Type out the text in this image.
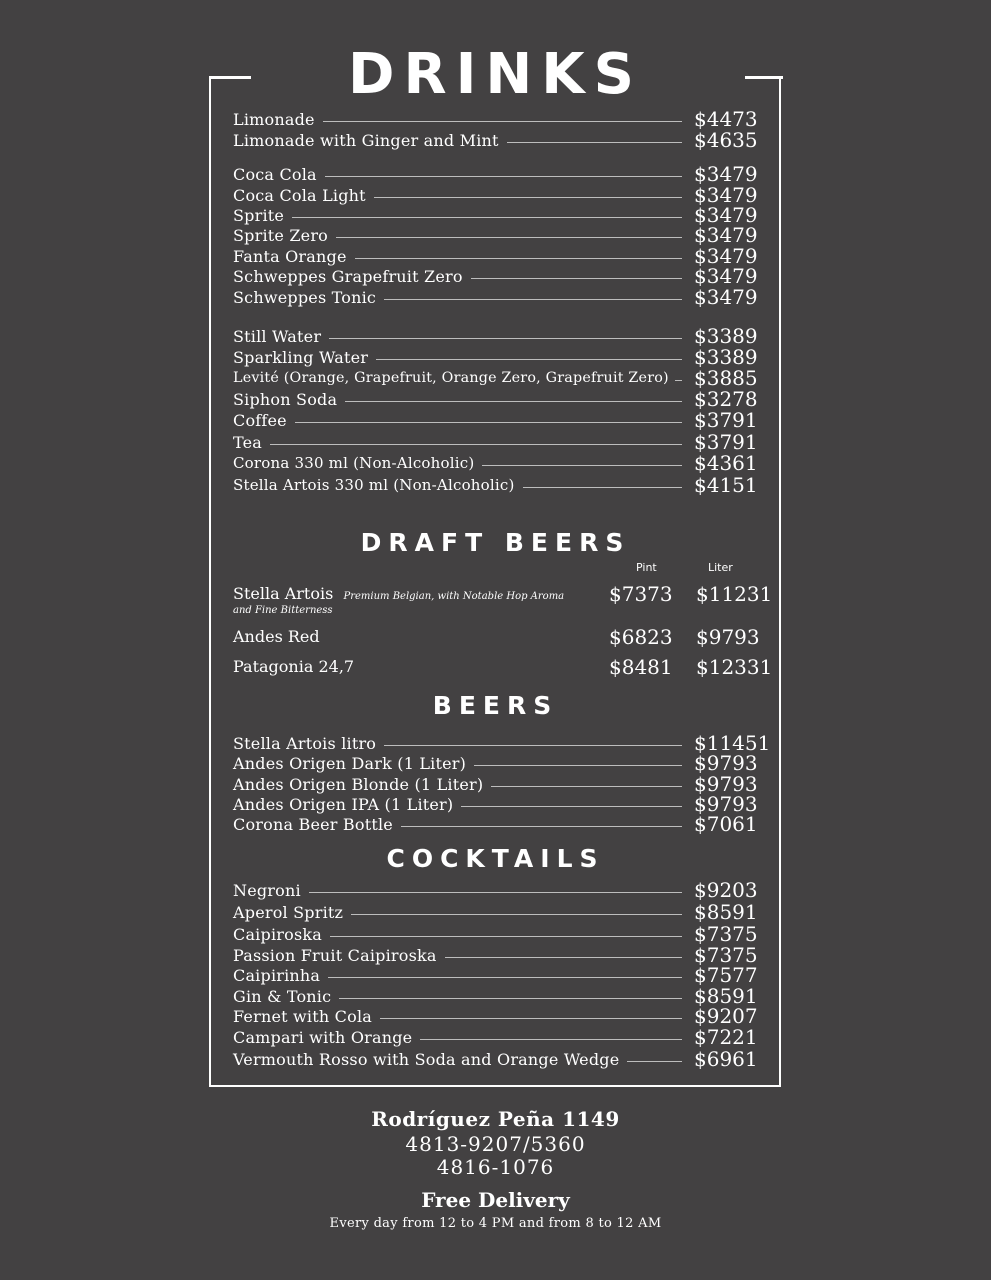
DRINKS
Limonade	$4473
Limonade with Ginger and Mint	$4635
Coca Cola	$3479
Coca Cola Light	$3479
Sprite	$3479
Sprite Zero	$3479
Fanta Orange	$3479
Schweppes Grapefruit Zero	$3479
Schweppes Tonic	$3479
Still Water	$3389
Sparkling Water	$3389
Levité (Orange, Grapefruit, Orange Zero, Grapefruit Zero) $3885
Siphon Soda	$3278
Coffee	$3791
Tea	$3791
Corona 330 ml (Non-Alcoholic)	$4361
Stella Artois 330 ml (Non-Alcoholic)	$4151
DRAFT BEERS
Pint	Liter
Stella Artois Premium Belgian, with Notable Hop Aroma $7373 $11231
and Fine Bitterness
Andes Red	$6823 $9793
Patagonia 24,7	$8481 $12331
BEERS
Stella Artois litro	$11451
Andes Origen Dark (1 Liter)	$9793
Andes Origen Blonde (1 Liter)	$9793
Andes Origen IPA (1 Liter)	$9793
Corona Beer Bottle	$7061
COCKTAILS
Negroni	$9203
Aperol Spritz	$8591
Caipiroska	$7375
Passion Fruit Caipiroska	$7375
Caipirinha	$7577
Gin & Tonic	$8591
Fernet with Cola	$9207
Campari with Orange	$7221
Vermouth Rosso with Soda and Orange Wedge	$6961
Rodríguez Peña 1149
4813-9207/5360
4816-1076
Free Delivery
Every day from 12 to 4 PM and from 8 to 12 AM
